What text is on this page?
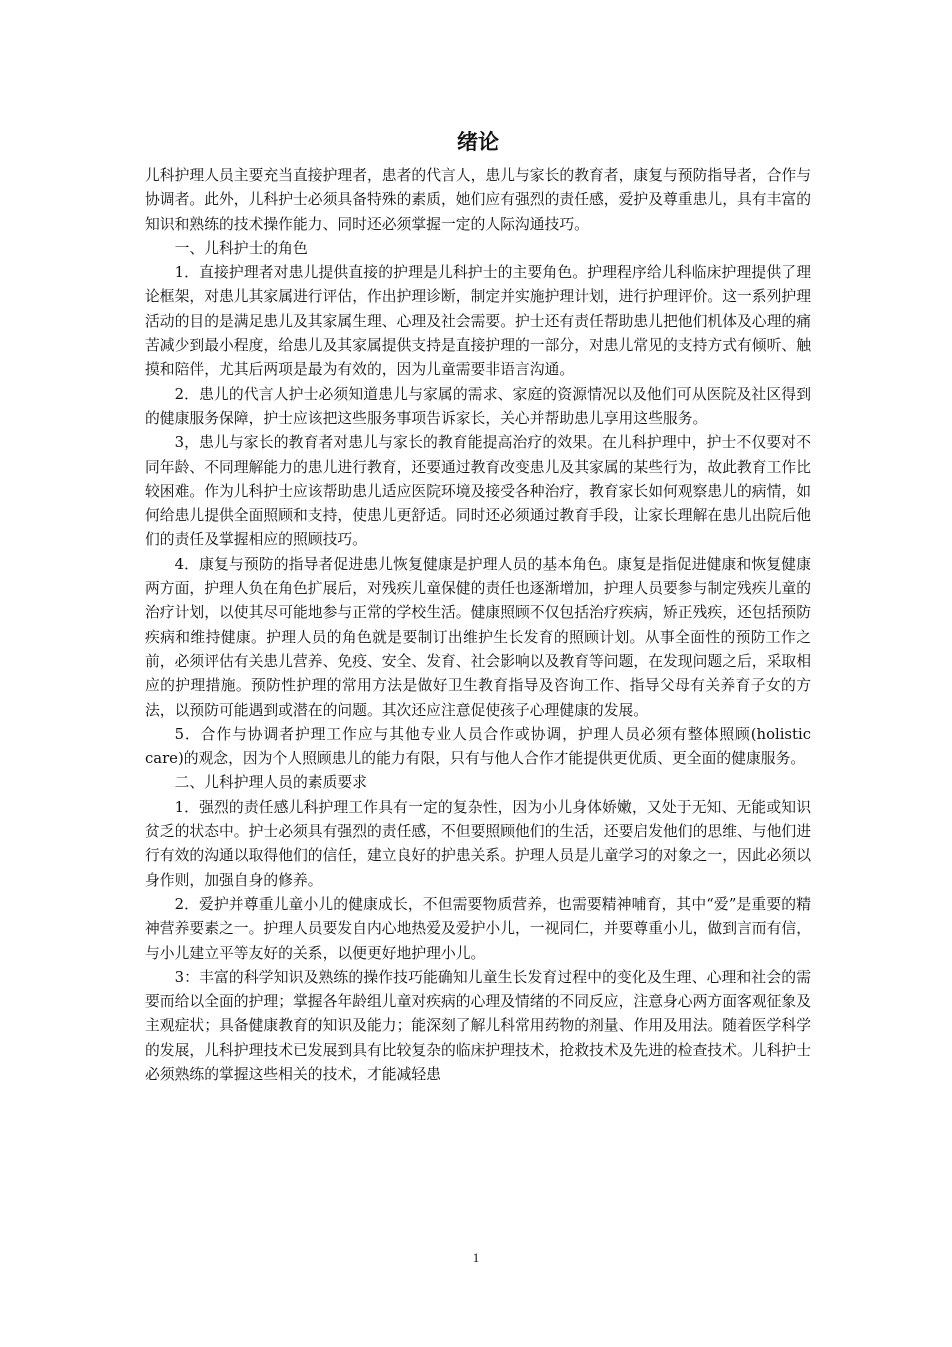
绪论

儿科护理人员主要充当直接护理者，患者的代言人，患儿与家长的教育者，康复与预防指导者，合作与协调者。此外，儿科护士必须具备特殊的素质，她们应有强烈的责任感，爱护及尊重患儿，具有丰富的知识和熟练的技术操作能力、同时还必须掌握一定的人际沟通技巧。

一、儿科护士的角色

1．直接护理者对患儿提供直接的护理是儿科护士的主要角色。护理程序给儿科临床护理提供了理论框架，对患儿其家属进行评估，作出护理诊断，制定并实施护理计划，进行护理评价。这一系列护理活动的目的是满足患儿及其家属生理、心理及社会需要。护士还有责任帮助患儿把他们机体及心理的痛苦减少到最小程度，给患儿及其家属提供支持是直接护理的一部分，对患儿常见的支持方式有倾听、触摸和陪伴，尤其后两项是最为有效的，因为儿童需要非语言沟通。

2．患儿的代言人护士必须知道患儿与家属的需求、家庭的资源情况以及他们可从医院及社区得到的健康服务保障，护士应该把这些服务事项告诉家长，关心并帮助患儿享用这些服务。

3，患儿与家长的教育者对患儿与家长的教育能提高治疗的效果。在儿科护理中，护士不仅要对不同年龄、不同理解能力的患儿进行教育，还要通过教育改变患儿及其家属的某些行为，故此教育工作比较困难。作为儿科护士应该帮助患儿适应医院环境及接受各种治疗，教育家长如何观察患儿的病情，如何给患儿提供全面照顾和支持，使患儿更舒适。同时还必须通过教育手段，让家长理解在患儿出院后他们的责任及掌握相应的照顾技巧。

4．康复与预防的指导者促进患儿恢复健康是护理人员的基本角色。康复是指促进健康和恢复健康两方面，护理人负在角色扩展后，对残疾儿童保健的责任也逐渐增加，护理人员要参与制定残疾儿童的治疗计划，以使其尽可能地参与正常的学校生活。健康照顾不仅包括治疗疾病，矫正残疾，还包括预防疾病和维持健康。护理人员的角色就是要制订出维护生长发育的照顾计划。从事全面性的预防工作之前，必须评估有关患儿营养、免疫、安全、发育、社会影响以及教育等问题，在发现问题之后，采取相应的护理措施。预防性护理的常用方法是做好卫生教育指导及咨询工作、指导父母有关养育子女的方法，以预防可能遇到或潜在的问题。其次还应注意促使孩子心理健康的发展。

5．合作与协调者护理工作应与其他专业人员合作或协调，护理人员必须有整体照顾(holistic　care)的观念，因为个人照顾患儿的能力有限，只有与他人合作才能提供更优质、更全面的健康服务。

二、儿科护理人员的素质要求

1．强烈的责任感儿科护理工作具有一定的复杂性，因为小儿身体娇嫩，又处于无知、无能或知识贫乏的状态中。护士必须具有强烈的责任感，不但要照顾他们的生活，还要启发他们的思维、与他们进行有效的沟通以取得他们的信任，建立良好的护患关系。护理人员是儿童学习的对象之一，因此必须以身作则，加强自身的修养。

2．爱护并尊重儿童小儿的健康成长，不但需要物质营养，也需要精神哺育，其中“爱”是重要的精神营养要素之一。护理人员要发自内心地热爱及爱护小儿，一视同仁，并要尊重小儿，做到言而有信，与小儿建立平等友好的关系，以便更好地护理小儿。

3：丰富的科学知识及熟练的操作技巧能确知儿童生长发育过程中的变化及生理、心理和社会的需要而给以全面的护理；掌握各年龄组儿童对疾病的心理及情绪的不同反应，注意身心两方面客观征象及主观症状；具备健康教育的知识及能力；能深刻了解儿科常用药物的剂量、作用及用法。随着医学科学的发展，儿科护理技术已发展到具有比较复杂的临床护理技术，抢救技术及先进的检查技术。儿科护士必须熟练的掌握这些相关的技术，才能减轻患

1
